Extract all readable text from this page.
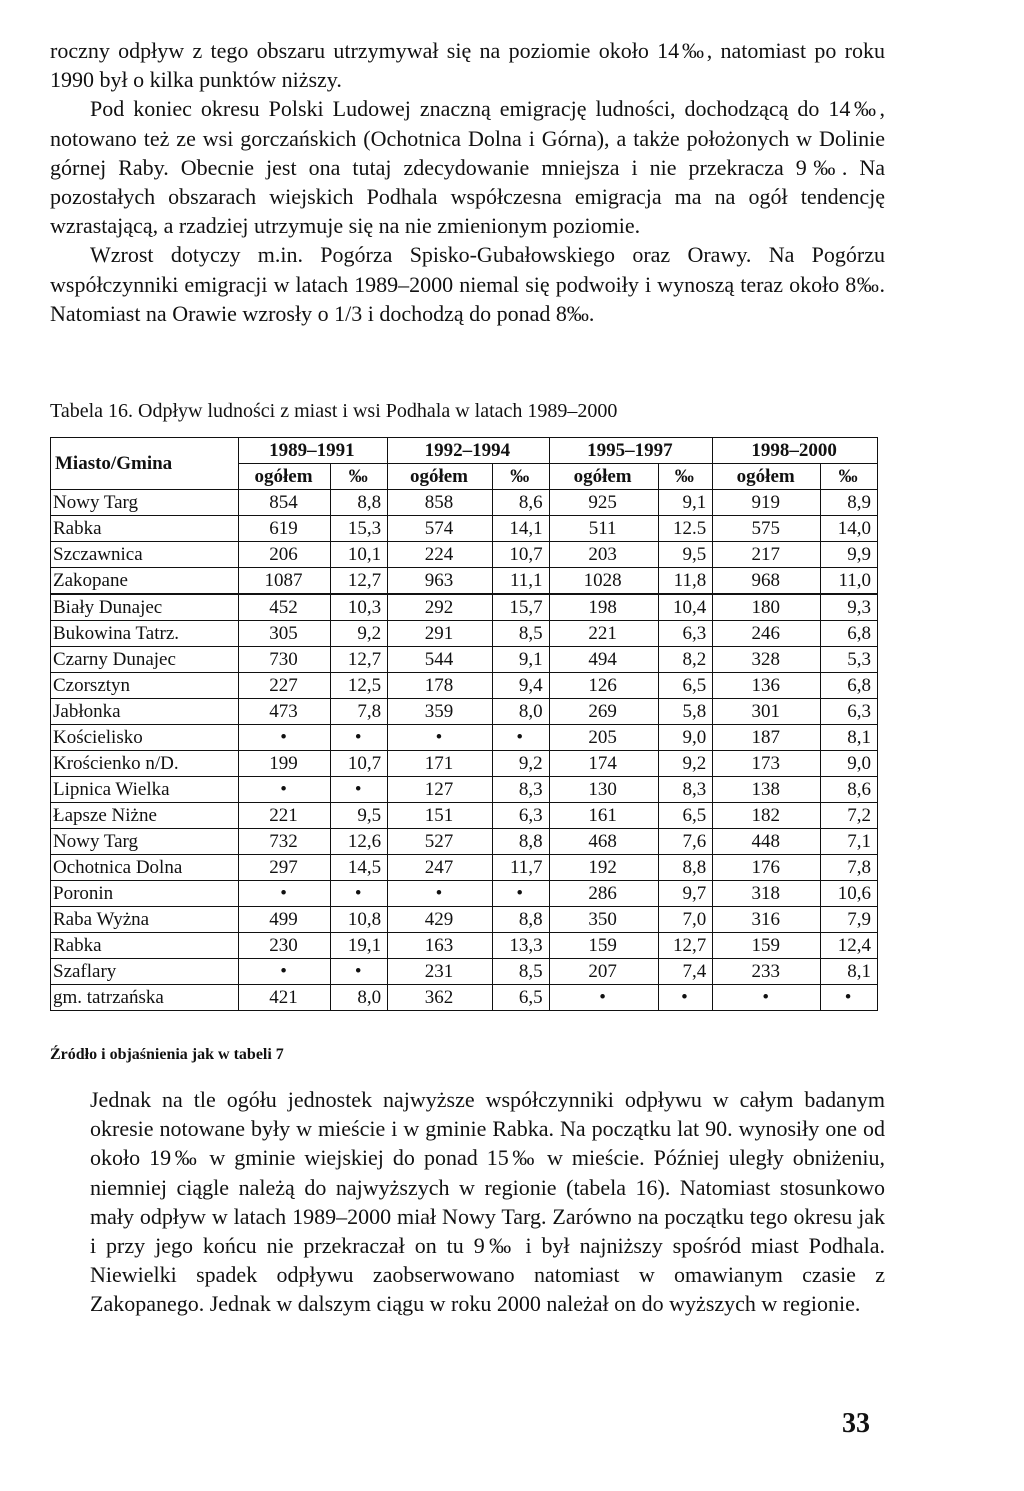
roczny odpływ z tego obszaru utrzymywał się na poziomie około 14‰, natomiast po roku 1990 był o kilka punktów niższy.

Pod koniec okresu Polski Ludowej znaczną emigrację ludności, dochodzącą do 14‰, notowano też ze wsi gorczańskich (Ochotnica Dolna i Górna), a także położonych w Dolinie górnej Raby. Obecnie jest ona tutaj zdecydowanie mniejsza i nie przekracza 9‰. Na pozostałych obszarach wiejskich Podhala współczesna emigracja ma na ogół tendencję wzrastającą, a rzadziej utrzymuje się na nie zmienionym poziomie.

Wzrost dotyczy m.in. Pogórza Spisko-Gubałowskiego oraz Orawy. Na Pogórzu współczynniki emigracji w latach 1989–2000 niemal się podwoiły i wynoszą teraz około 8‰. Natomiast na Orawie wzrosły o 1/3 i dochodzą do ponad 8‰.

Tabela 16. Odpływ ludności z miast i wsi Podhala w latach 1989–2000
Miasto/Gmina	1989–1991		1992–1994		1995–1997		1998–2000	
	ogółem	‰	ogółem	‰	ogółem	‰	ogółem	‰
Nowy Targ	854	8,8	858	8,6	925	9,1	919	8,9
Rabka	619	15,3	574	14,1	511	12.5	575	14,0
Szczawnica	206	10,1	224	10,7	203	9,5	217	9,9
Zakopane	1087	12,7	963	11,1	1028	11,8	968	11,0
Biały Dunajec	452	10,3	292	15,7	198	10,4	180	9,3
Bukowina Tatrz.	305	9,2	291	8,5	221	6,3	246	6,8
Czarny Dunajec	730	12,7	544	9,1	494	8,2	328	5,3
Czorsztyn	227	12,5	178	9,4	126	6,5	136	6,8
Jabłonka	473	7,8	359	8,0	269	5,8	301	6,3
Kościelisko	•	•	•	•	205	9,0	187	8,1
Krościenko n/D.	199	10,7	171	9,2	174	9,2	173	9,0
Lipnica Wielka	•	•	127	8,3	130	8,3	138	8,6
Łapsze Niżne	221	9,5	151	6,3	161	6,5	182	7,2
Nowy Targ	732	12,6	527	8,8	468	7,6	448	7,1
Ochotnica Dolna	297	14,5	247	11,7	192	8,8	176	7,8
Poronin	•	•	•	•	286	9,7	318	10,6
Raba Wyżna	499	10,8	429	8,8	350	7,0	316	7,9
Rabka	230	19,1	163	13,3	159	12,7	159	12,4
Szaflary	•	•	231	8,5	207	7,4	233	8,1
gm. tatrzańska	421	8,0	362	6,5	•	•	•	•
Źródło i objaśnienia jak w tabeli 7

Jednak na tle ogółu jednostek najwyższe współczynniki odpływu w całym badanym okresie notowane były w mieście i w gminie Rabka. Na początku lat 90. wynosiły one od około 19‰ w gminie wiejskiej do ponad 15‰ w mieście. Później uległy obniżeniu, niemniej ciągle należą do najwyższych w regionie (tabela 16). Natomiast stosunkowo mały odpływ w latach 1989–2000 miał Nowy Targ. Zarówno na początku tego okresu jak i przy jego końcu nie przekraczał on tu 9‰ i był najniższy spośród miast Podhala. Niewielki spadek odpływu zaobserwowano natomiast w omawianym czasie z Zakopanego. Jednak w dalszym ciągu w roku 2000 należał on do wyższych w regionie.

33
